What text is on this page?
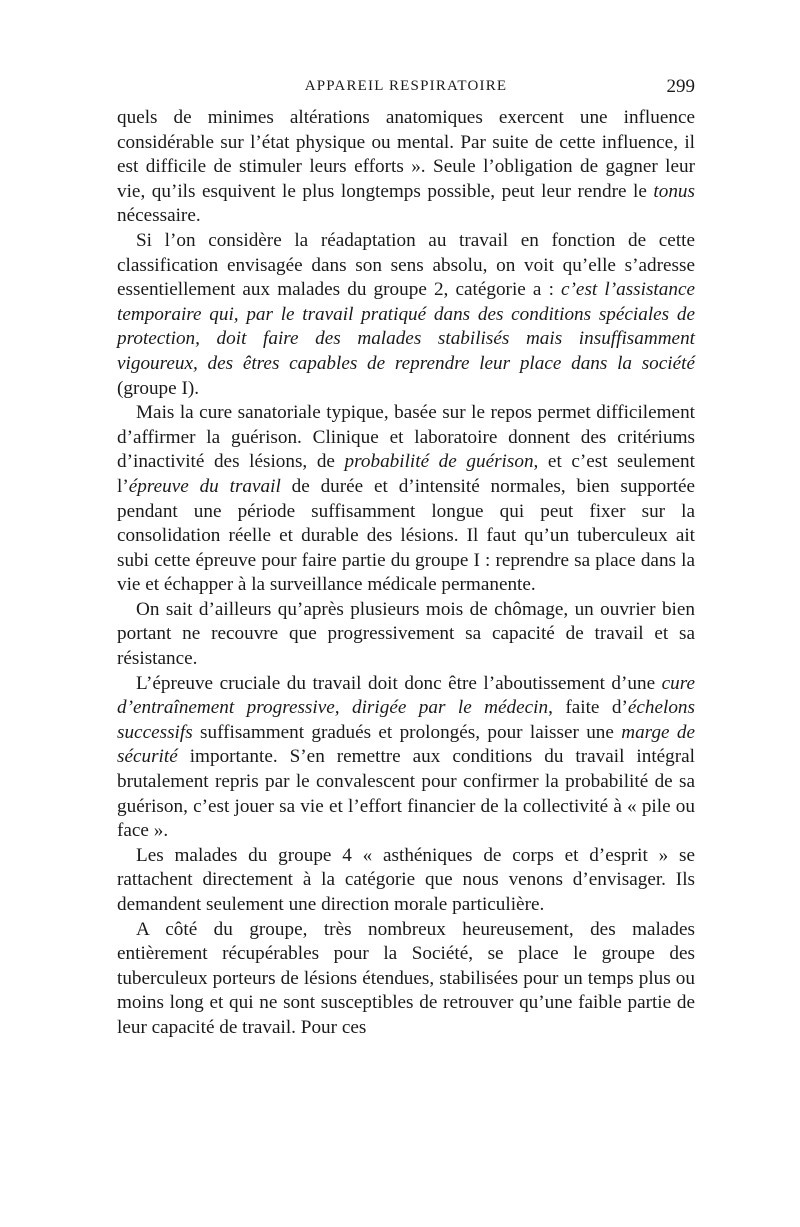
APPAREIL RESPIRATOIRE	299

quels de minimes altérations anatomiques exercent une influence considérable sur l’état physique ou mental. Par suite de cette influence, il est difficile de stimuler leurs efforts ». Seule l’obligation de gagner leur vie, qu’ils esquivent le plus longtemps possible, peut leur rendre le tonus nécessaire.

Si l’on considère la réadaptation au travail en fonction de cette classification envisagée dans son sens absolu, on voit qu’elle s’adresse essentiellement aux malades du groupe 2, catégorie a : c’est l’assistance temporaire qui, par le travail pratiqué dans des conditions spéciales de protection, doit faire des malades stabilisés mais insuffisamment vigoureux, des êtres capables de reprendre leur place dans la société (groupe I).

Mais la cure sanatoriale typique, basée sur le repos permet difficilement d’affirmer la guérison. Clinique et laboratoire donnent des critériums d’inactivité des lésions, de probabilité de guérison, et c’est seulement l’épreuve du travail de durée et d’intensité normales, bien supportée pendant une période suffisamment longue qui peut fixer sur la consolidation réelle et durable des lésions. Il faut qu’un tuberculeux ait subi cette épreuve pour faire partie du groupe I : reprendre sa place dans la vie et échapper à la surveillance médicale permanente.

On sait d’ailleurs qu’après plusieurs mois de chômage, un ouvrier bien portant ne recouvre que progressivement sa capacité de travail et sa résistance.

L’épreuve cruciale du travail doit donc être l’aboutissement d’une cure d’entraînement progressive, dirigée par le médecin, faite d’échelons successifs suffisamment gradués et prolongés, pour laisser une marge de sécurité importante. S’en remettre aux conditions du travail intégral brutalement repris par le convalescent pour confirmer la probabilité de sa guérison, c’est jouer sa vie et l’effort financier de la collectivité à « pile ou face ».

Les malades du groupe 4 « asthéniques de corps et d’esprit » se rattachent directement à la catégorie que nous venons d’envisager. Ils demandent seulement une direction morale particulière.

A côté du groupe, très nombreux heureusement, des malades entièrement récupérables pour la Société, se place le groupe des tuberculeux porteurs de lésions étendues, stabilisées pour un temps plus ou moins long et qui ne sont susceptibles de retrouver qu’une faible partie de leur capacité de travail. Pour ces
